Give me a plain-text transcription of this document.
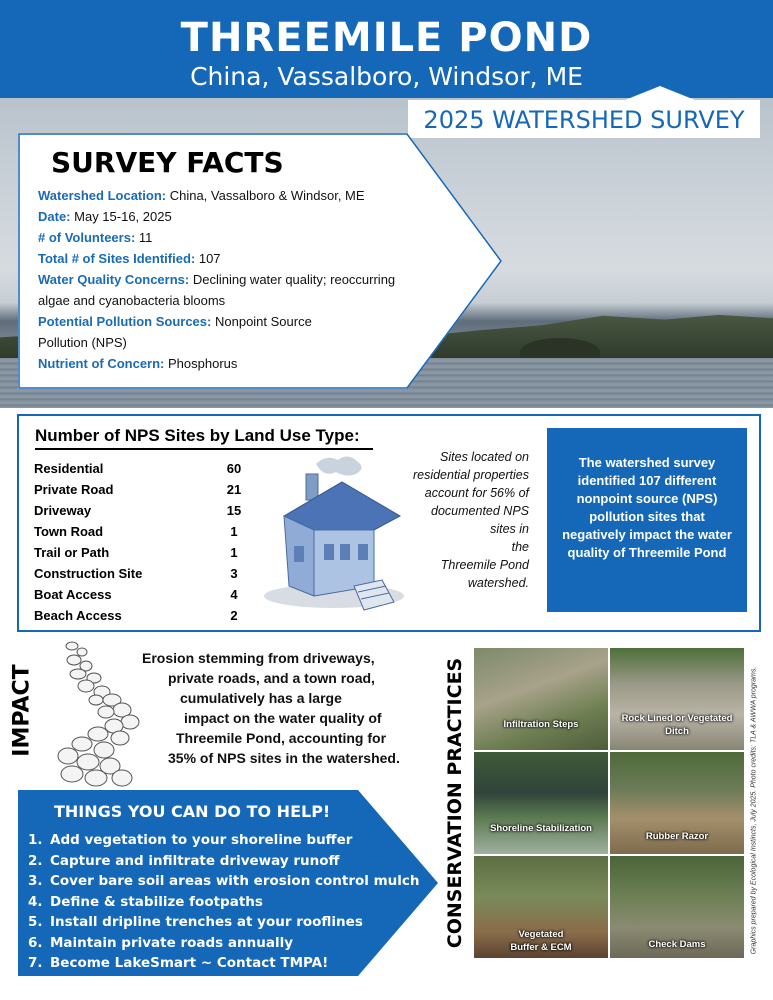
THREEMILE POND
China, Vassalboro, Windsor, ME
2025 WATERSHED SURVEY
SURVEY FACTS
Watershed Location: China, Vassalboro & Windsor, ME
Date: May 15-16, 2025
# of Volunteers: 11
Total # of Sites Identified: 107
Water Quality Concerns: Declining water quality; reoccurring algae and cyanobacteria blooms
Potential Pollution Sources: Nonpoint Source Pollution (NPS)
Nutrient of Concern: Phosphorus
Number of NPS Sites by Land Use Type:
Residential	60
Private Road	21
Driveway	15
Town Road	1
Trail or Path	1
Construction Site	3
Boat Access	4
Beach Access	2
Sites located on
residential properties
account for 56% of
documented NPS
sites in
the
Threemile Pond
watershed.
The watershed survey identified 107 different nonpoint source (NPS) pollution sites that negatively impact the water quality of Threemile Pond
IMPACT
Erosion stemming from driveways,
private roads, and a town road,
cumulatively has a large
impact on the water quality of
Threemile Pond, accounting for
35% of NPS sites in the watershed.
THINGS YOU CAN DO TO HELP!
1. Add vegetation to your shoreline buffer
2. Capture and infiltrate driveway runoff
3. Cover bare soil areas with erosion control mulch
4. Define & stabilize footpaths
5. Install dripline trenches at your rooflines
6. Maintain private roads annually
7. Become LakeSmart ~ Contact TMPA!
CONSERVATION PRACTICES	Infiltration Steps
Rock Lined or Vegetated Ditch
Shoreline Stabilization
Rubber Razor
Vegetated Buffer & ECM	Check Dams	Graphics prepared by Ecological Instincts, July 2025. Photo credits: TLA & AWWA programs.
